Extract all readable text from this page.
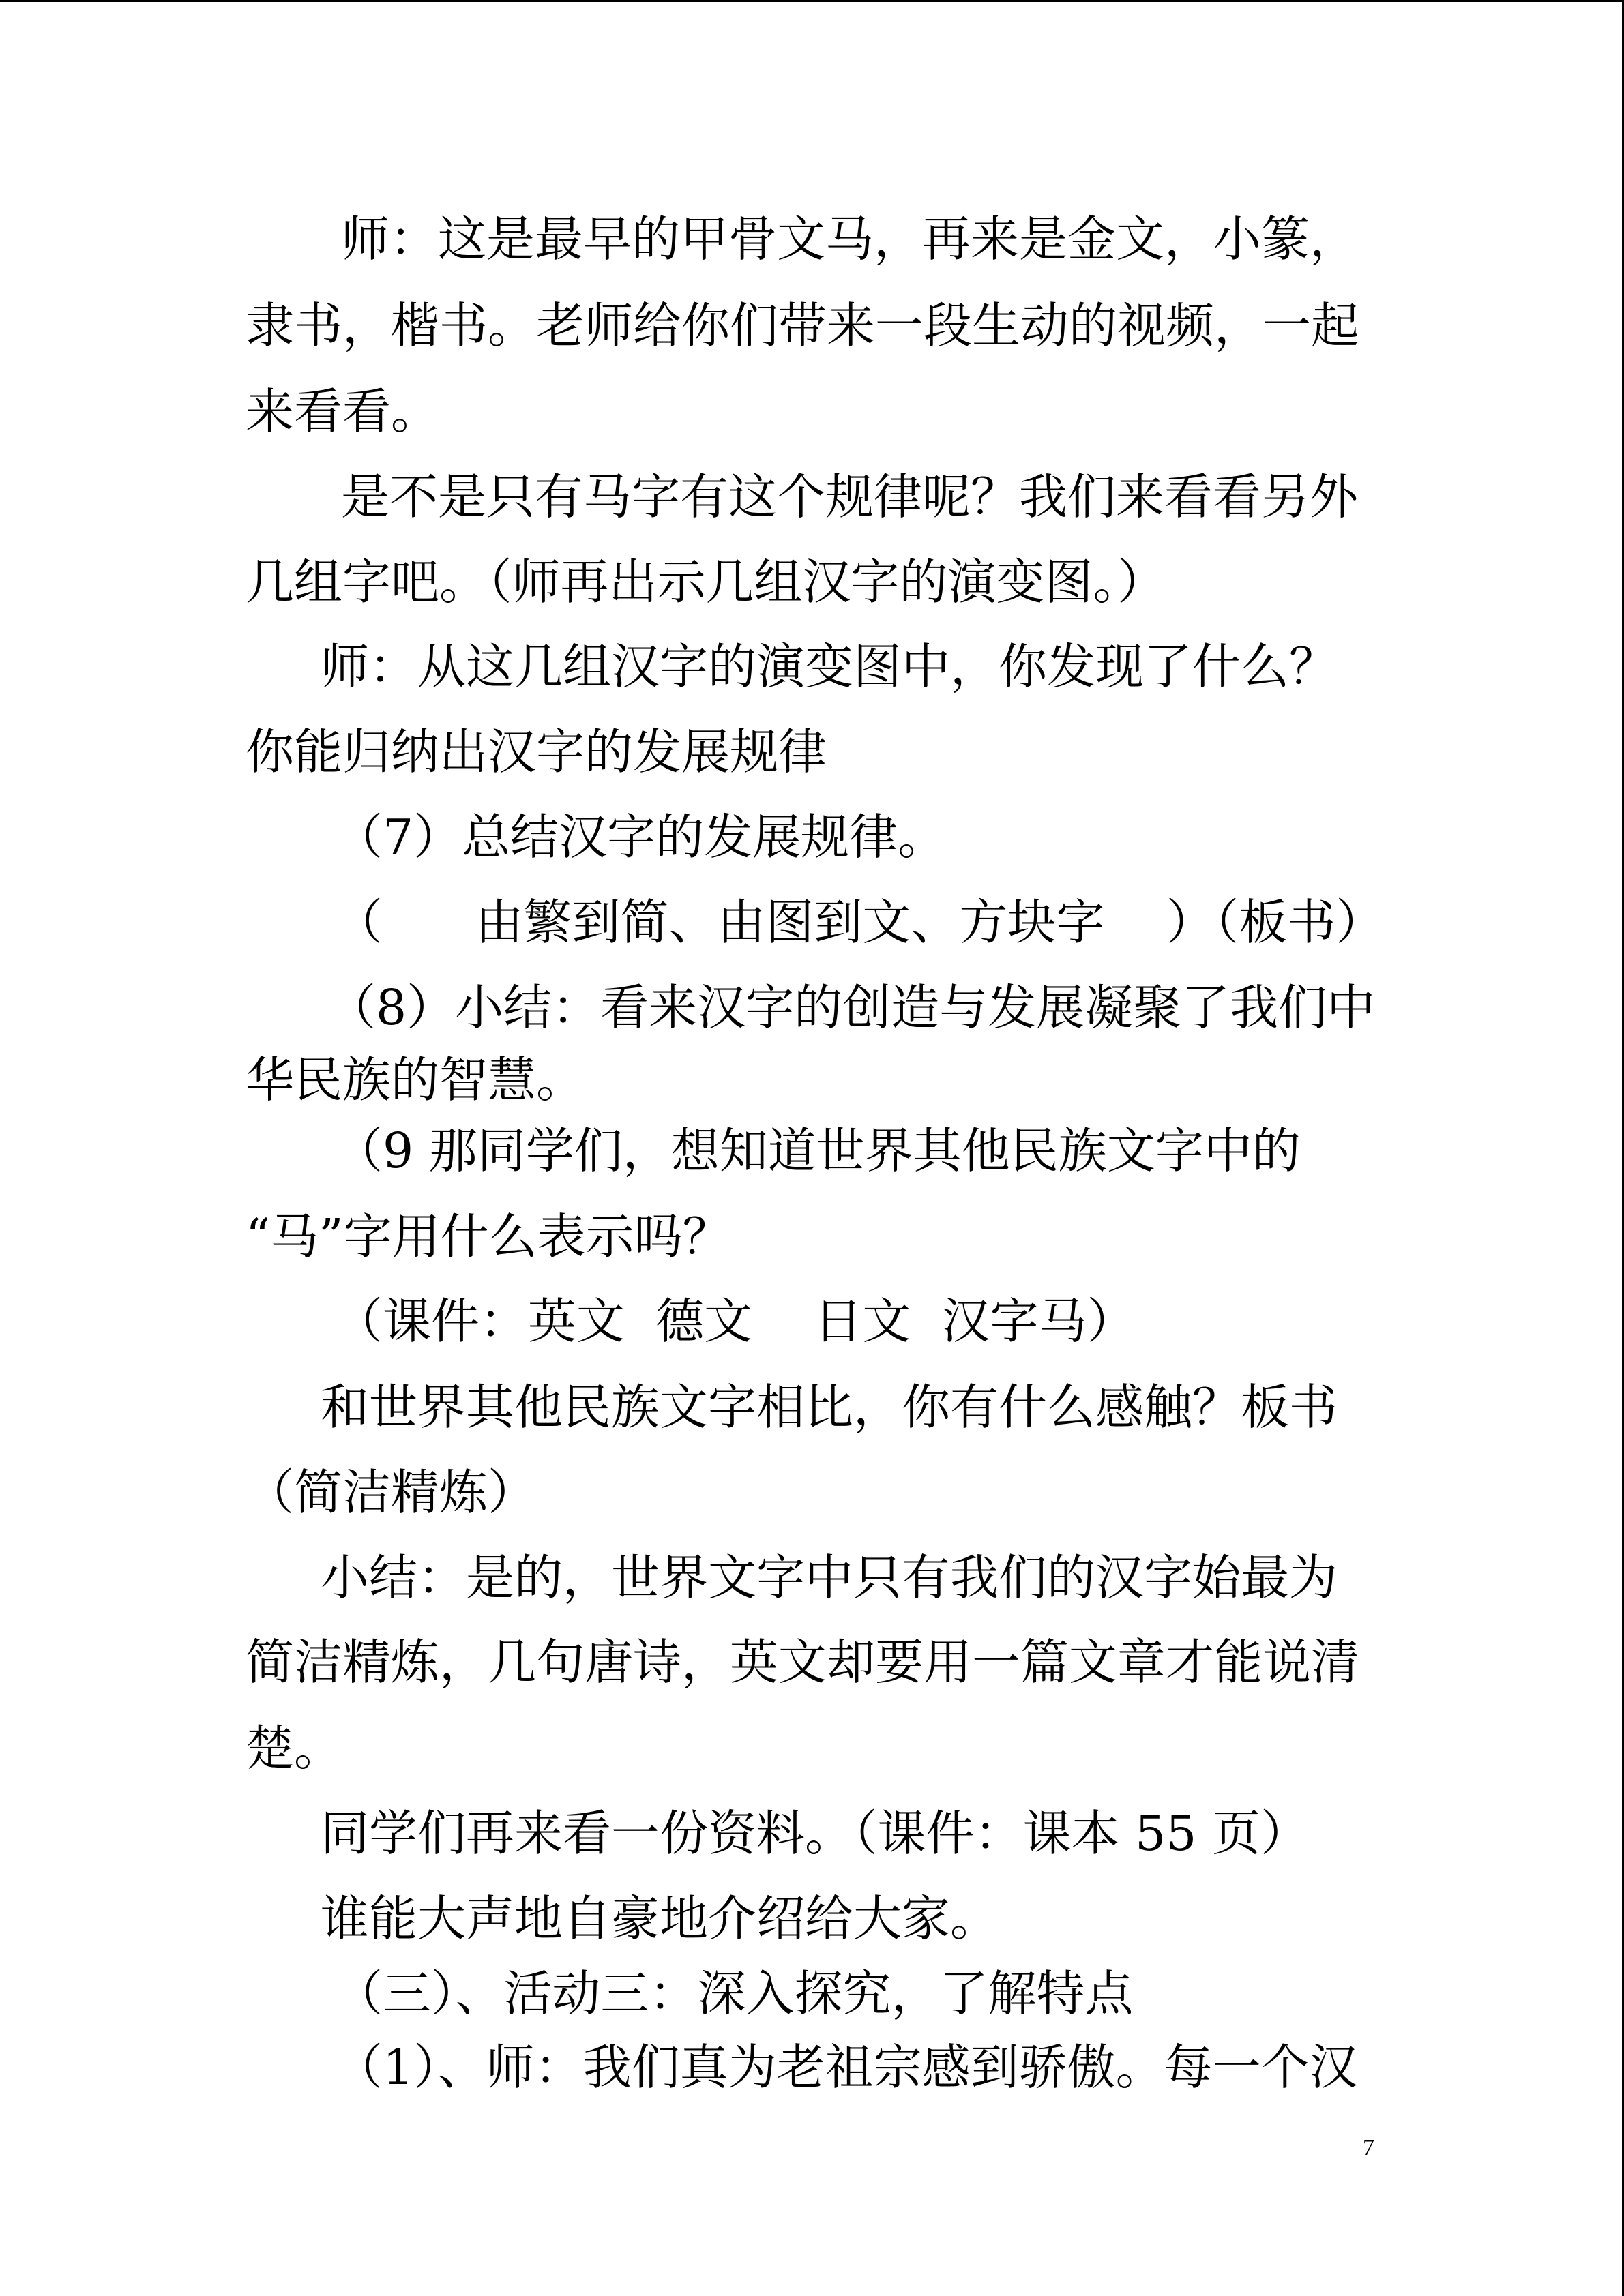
师：这是最早的甲骨文马，再来是金文，小篆，
隶书，楷书。老师给你们带来一段生动的视频，一起
来看看。
是不是只有马字有这个规律呢？我们来看看另外
几组字吧。（师再出示几组汉字的演变图。）
师：从这几组汉字的演变图中，你发现了什么？
你能归纳出汉字的发展规律
（7）总结汉字的发展规律。
（      由繁到简、由图到文、方块字    ）（板书）
（8）小结：看来汉字的创造与发展凝聚了我们中
华民族的智慧。
（9 那同学们，想知道世界其他民族文字中的
“马”字用什么表示吗？
（课件：英文  德文    日文  汉字马）
和世界其他民族文字相比，你有什么感触？板书
（简洁精炼）
小结：是的，世界文字中只有我们的汉字始最为
简洁精炼，几句唐诗，英文却要用一篇文章才能说清
楚。
同学们再来看一份资料。（课件：课本 55 页）
谁能大声地自豪地介绍给大家。
（三）、活动三：深入探究，了解特点
（1）、师：我们真为老祖宗感到骄傲。每一个汉
7
